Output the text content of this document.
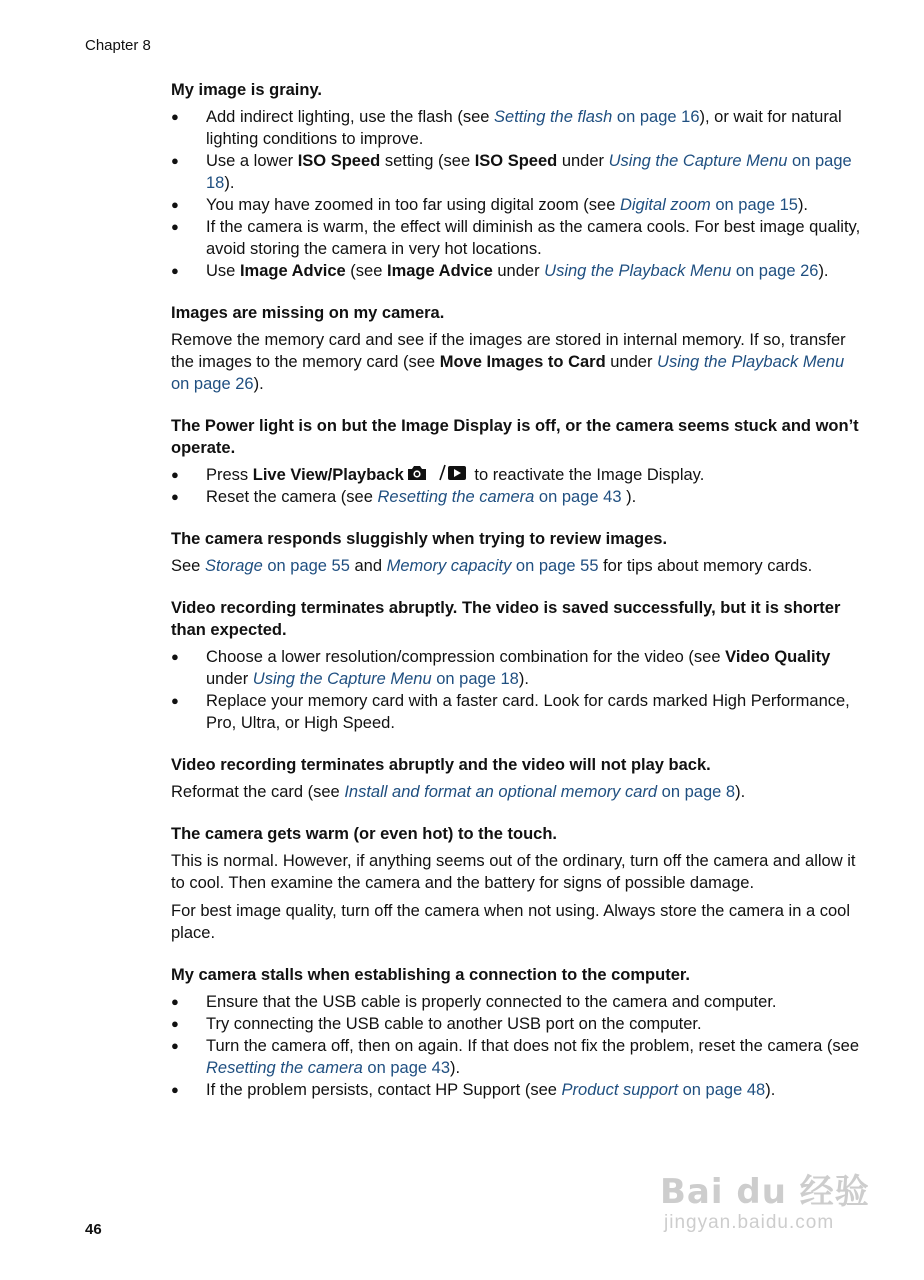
Chapter 8
My image is grainy.
● Add indirect lighting, use the flash (see Setting the flash on page 16), or wait for natural lighting conditions to improve.
● Use a lower ISO Speed setting (see ISO Speed under Using the Capture Menu on page 18).
● You may have zoomed in too far using digital zoom (see Digital zoom on page 15).
● If the camera is warm, the effect will diminish as the camera cools. For best image quality, avoid storing the camera in very hot locations.
● Use Image Advice (see Image Advice under Using the Playback Menu on page 26).
Images are missing on my camera.
Remove the memory card and see if the images are stored in internal memory. If so, transfer the images to the memory card (see Move Images to Card under Using the Playback Menu on page 26).
The Power light is on but the Image Display is off, or the camera seems stuck and won’t operate.
● Press Live View/Playback	to reactivate the Image Display.
● Reset the camera (see Resetting the camera on page 43 ).
The camera responds sluggishly when trying to review images.
See Storage on page 55 and Memory capacity on page 55 for tips about memory cards.
Video recording terminates abruptly. The video is saved successfully, but it is shorter than expected.
● Choose a lower resolution/compression combination for the video (see Video Quality under Using the Capture Menu on page 18).
● Replace your memory card with a faster card. Look for cards marked High Performance, Pro, Ultra, or High Speed.
Video recording terminates abruptly and the video will not play back.
Reformat the card (see Install and format an optional memory card on page 8).
The camera gets warm (or even hot) to the touch.
This is normal. However, if anything seems out of the ordinary, turn off the camera and allow it to cool. Then examine the camera and the battery for signs of possible damage.
For best image quality, turn off the camera when not using. Always store the camera in a cool place.
My camera stalls when establishing a connection to the computer.
● Ensure that the USB cable is properly connected to the camera and computer.
● Try connecting the USB cable to another USB port on the computer.
● Turn the camera off, then on again. If that does not fix the problem, reset the camera (see Resetting the camera on page 43).
● If the problem persists, contact HP Support (see Product support on page 48).
46
Bai du 经验
jingyan.baidu.com
